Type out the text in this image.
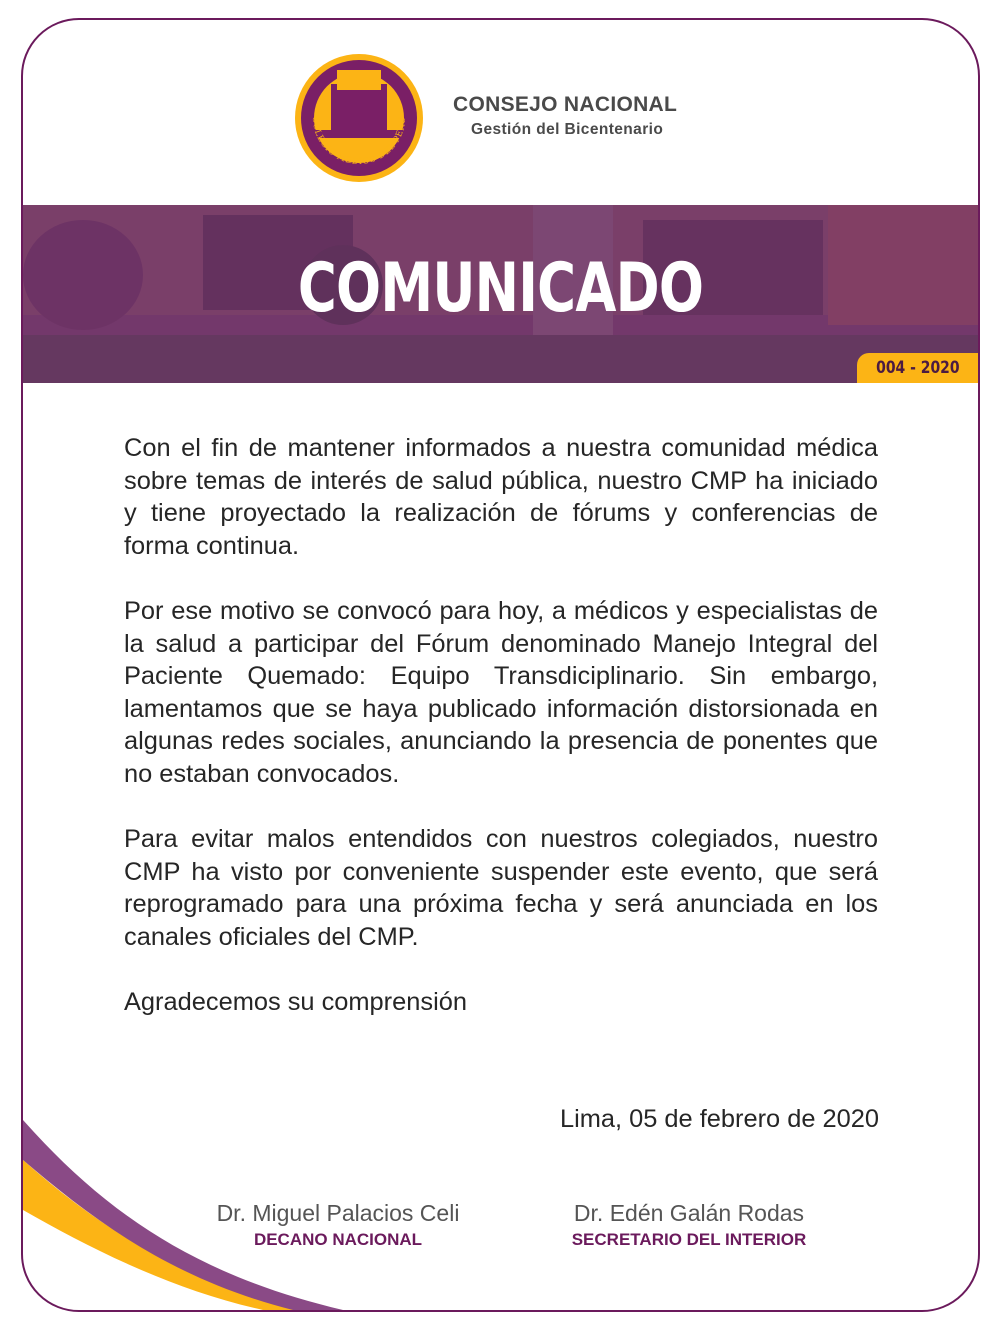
COLEGIO MEDICO DEL PERU
CONSEJO NACIONAL
Gestión del Bicentenario
COMUNICADO
004 - 2020

Con el fin de mantener informados a nuestra comunidad médica sobre temas de interés de salud pública, nuestro CMP ha iniciado y tiene proyectado la realización de fórums y conferencias de forma continua.

Por ese motivo se convocó para hoy, a médicos y especialistas de la salud a participar del Fórum denominado Manejo Integral del Paciente Quemado: Equipo Transdiciplinario. Sin embargo, lamentamos que se haya publicado información distorsionada en algunas redes sociales, anunciando la presencia de ponentes que no estaban convocados.

Para evitar malos entendidos con nuestros colegiados, nuestro CMP ha visto por conveniente suspender este evento, que será reprogramado para una próxima fecha y será anunciada en los canales oficiales del CMP.

Agradecemos su comprensión

Lima, 05 de febrero de 2020
Dr. Miguel Palacios Celi
DECANO NACIONAL
Dr. Edén Galán Rodas
SECRETARIO DEL INTERIOR
